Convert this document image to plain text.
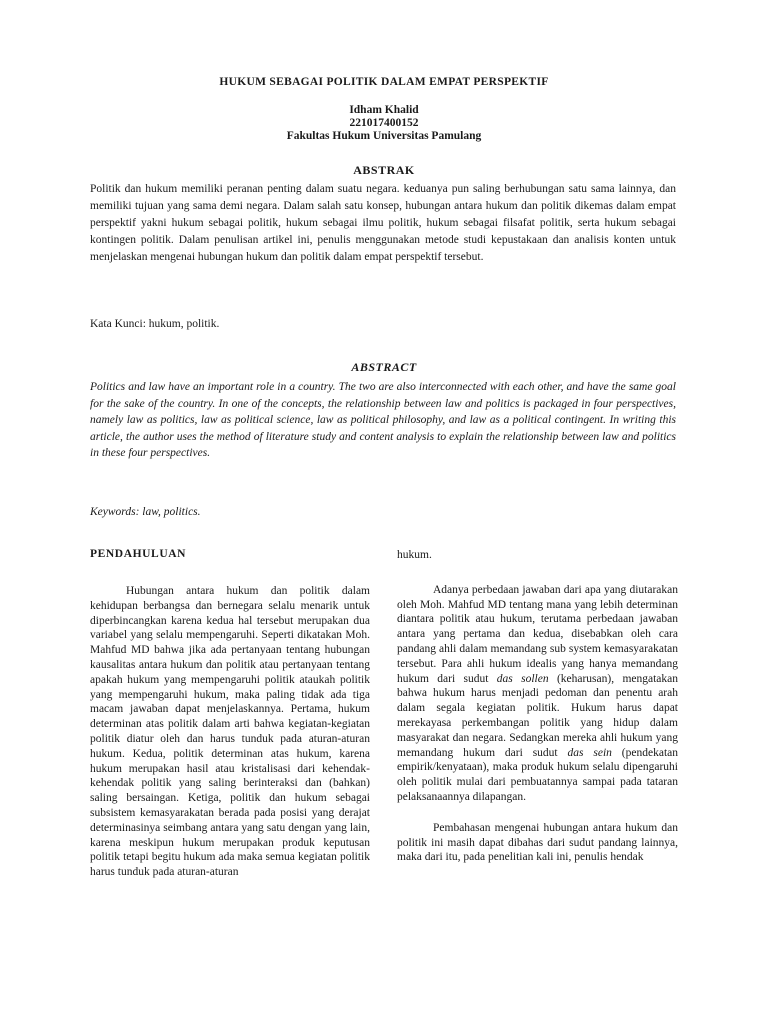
HUKUM SEBAGAI POLITIK DALAM EMPAT PERSPEKTIF
Idham Khalid
221017400152
Fakultas Hukum Universitas Pamulang
ABSTRAK
Politik dan hukum memiliki peranan penting dalam suatu negara. keduanya pun saling berhubungan satu sama lainnya, dan memiliki tujuan yang sama demi negara. Dalam salah satu konsep, hubungan antara hukum dan politik dikemas dalam empat perspektif yakni hukum sebagai politik, hukum sebagai ilmu politik, hukum sebagai filsafat politik, serta hukum sebagai kontingen politik. Dalam penulisan artikel ini, penulis menggunakan metode studi kepustakaan dan analisis konten untuk menjelaskan mengenai hubungan hukum dan politik dalam empat perspektif tersebut.
Kata Kunci: hukum, politik.
ABSTRACT
Politics and law have an important role in a country. The two are also interconnected with each other, and have the same goal for the sake of the country. In one of the concepts, the relationship between law and politics is packaged in four perspectives, namely law as politics, law as political science, law as political philosophy, and law as a political contingent. In writing this article, the author uses the method of literature study and content analysis to explain the relationship between law and politics in these four perspectives.
Keywords: law, politics.
PENDAHULUAN

Hubungan antara hukum dan politik dalam kehidupan berbangsa dan bernegara selalu menarik untuk diperbincangkan karena kedua hal tersebut merupakan dua variabel yang selalu mempengaruhi. Seperti dikatakan Moh. Mahfud MD bahwa jika ada pertanyaan tentang hubungan kausalitas antara hukum dan politik atau pertanyaan tentang apakah hukum yang mempengaruhi politik ataukah politik yang mempengaruhi hukum, maka paling tidak ada tiga macam jawaban dapat menjelaskannya. Pertama, hukum determinan atas politik dalam arti bahwa kegiatan-kegiatan politik diatur oleh dan harus tunduk pada aturan-aturan hukum. Kedua, politik determinan atas hukum, karena hukum merupakan hasil atau kristalisasi dari kehendak-kehendak politik yang saling berinteraksi dan (bahkan) saling bersaingan. Ketiga, politik dan hukum sebagai subsistem kemasyarakatan berada pada posisi yang derajat determinasinya seimbang antara yang satu dengan yang lain, karena meskipun hukum merupakan produk keputusan politik tetapi begitu hukum ada maka semua kegiatan politik harus tunduk pada aturan-aturan

hukum.

Adanya perbedaan jawaban dari apa yang diutarakan oleh Moh. Mahfud MD tentang mana yang lebih determinan diantara politik atau hukum, terutama perbedaan jawaban antara yang pertama dan kedua, disebabkan oleh cara pandang ahli dalam memandang sub system kemasyarakatan tersebut. Para ahli hukum idealis yang hanya memandang hukum dari sudut das sollen (keharusan), mengatakan bahwa hukum harus menjadi pedoman dan penentu arah dalam segala kegiatan politik. Hukum harus dapat merekayasa perkembangan politik yang hidup dalam masyarakat dan negara. Sedangkan mereka ahli hukum yang memandang hukum dari sudut das sein (pendekatan empirik/kenyataan), maka produk hukum selalu dipengaruhi oleh politik mulai dari pembuatannya sampai pada tataran pelaksanaannya dilapangan.

Pembahasan mengenai hubungan antara hukum dan politik ini masih dapat dibahas dari sudut pandang lainnya, maka dari itu, pada penelitian kali ini, penulis hendak
